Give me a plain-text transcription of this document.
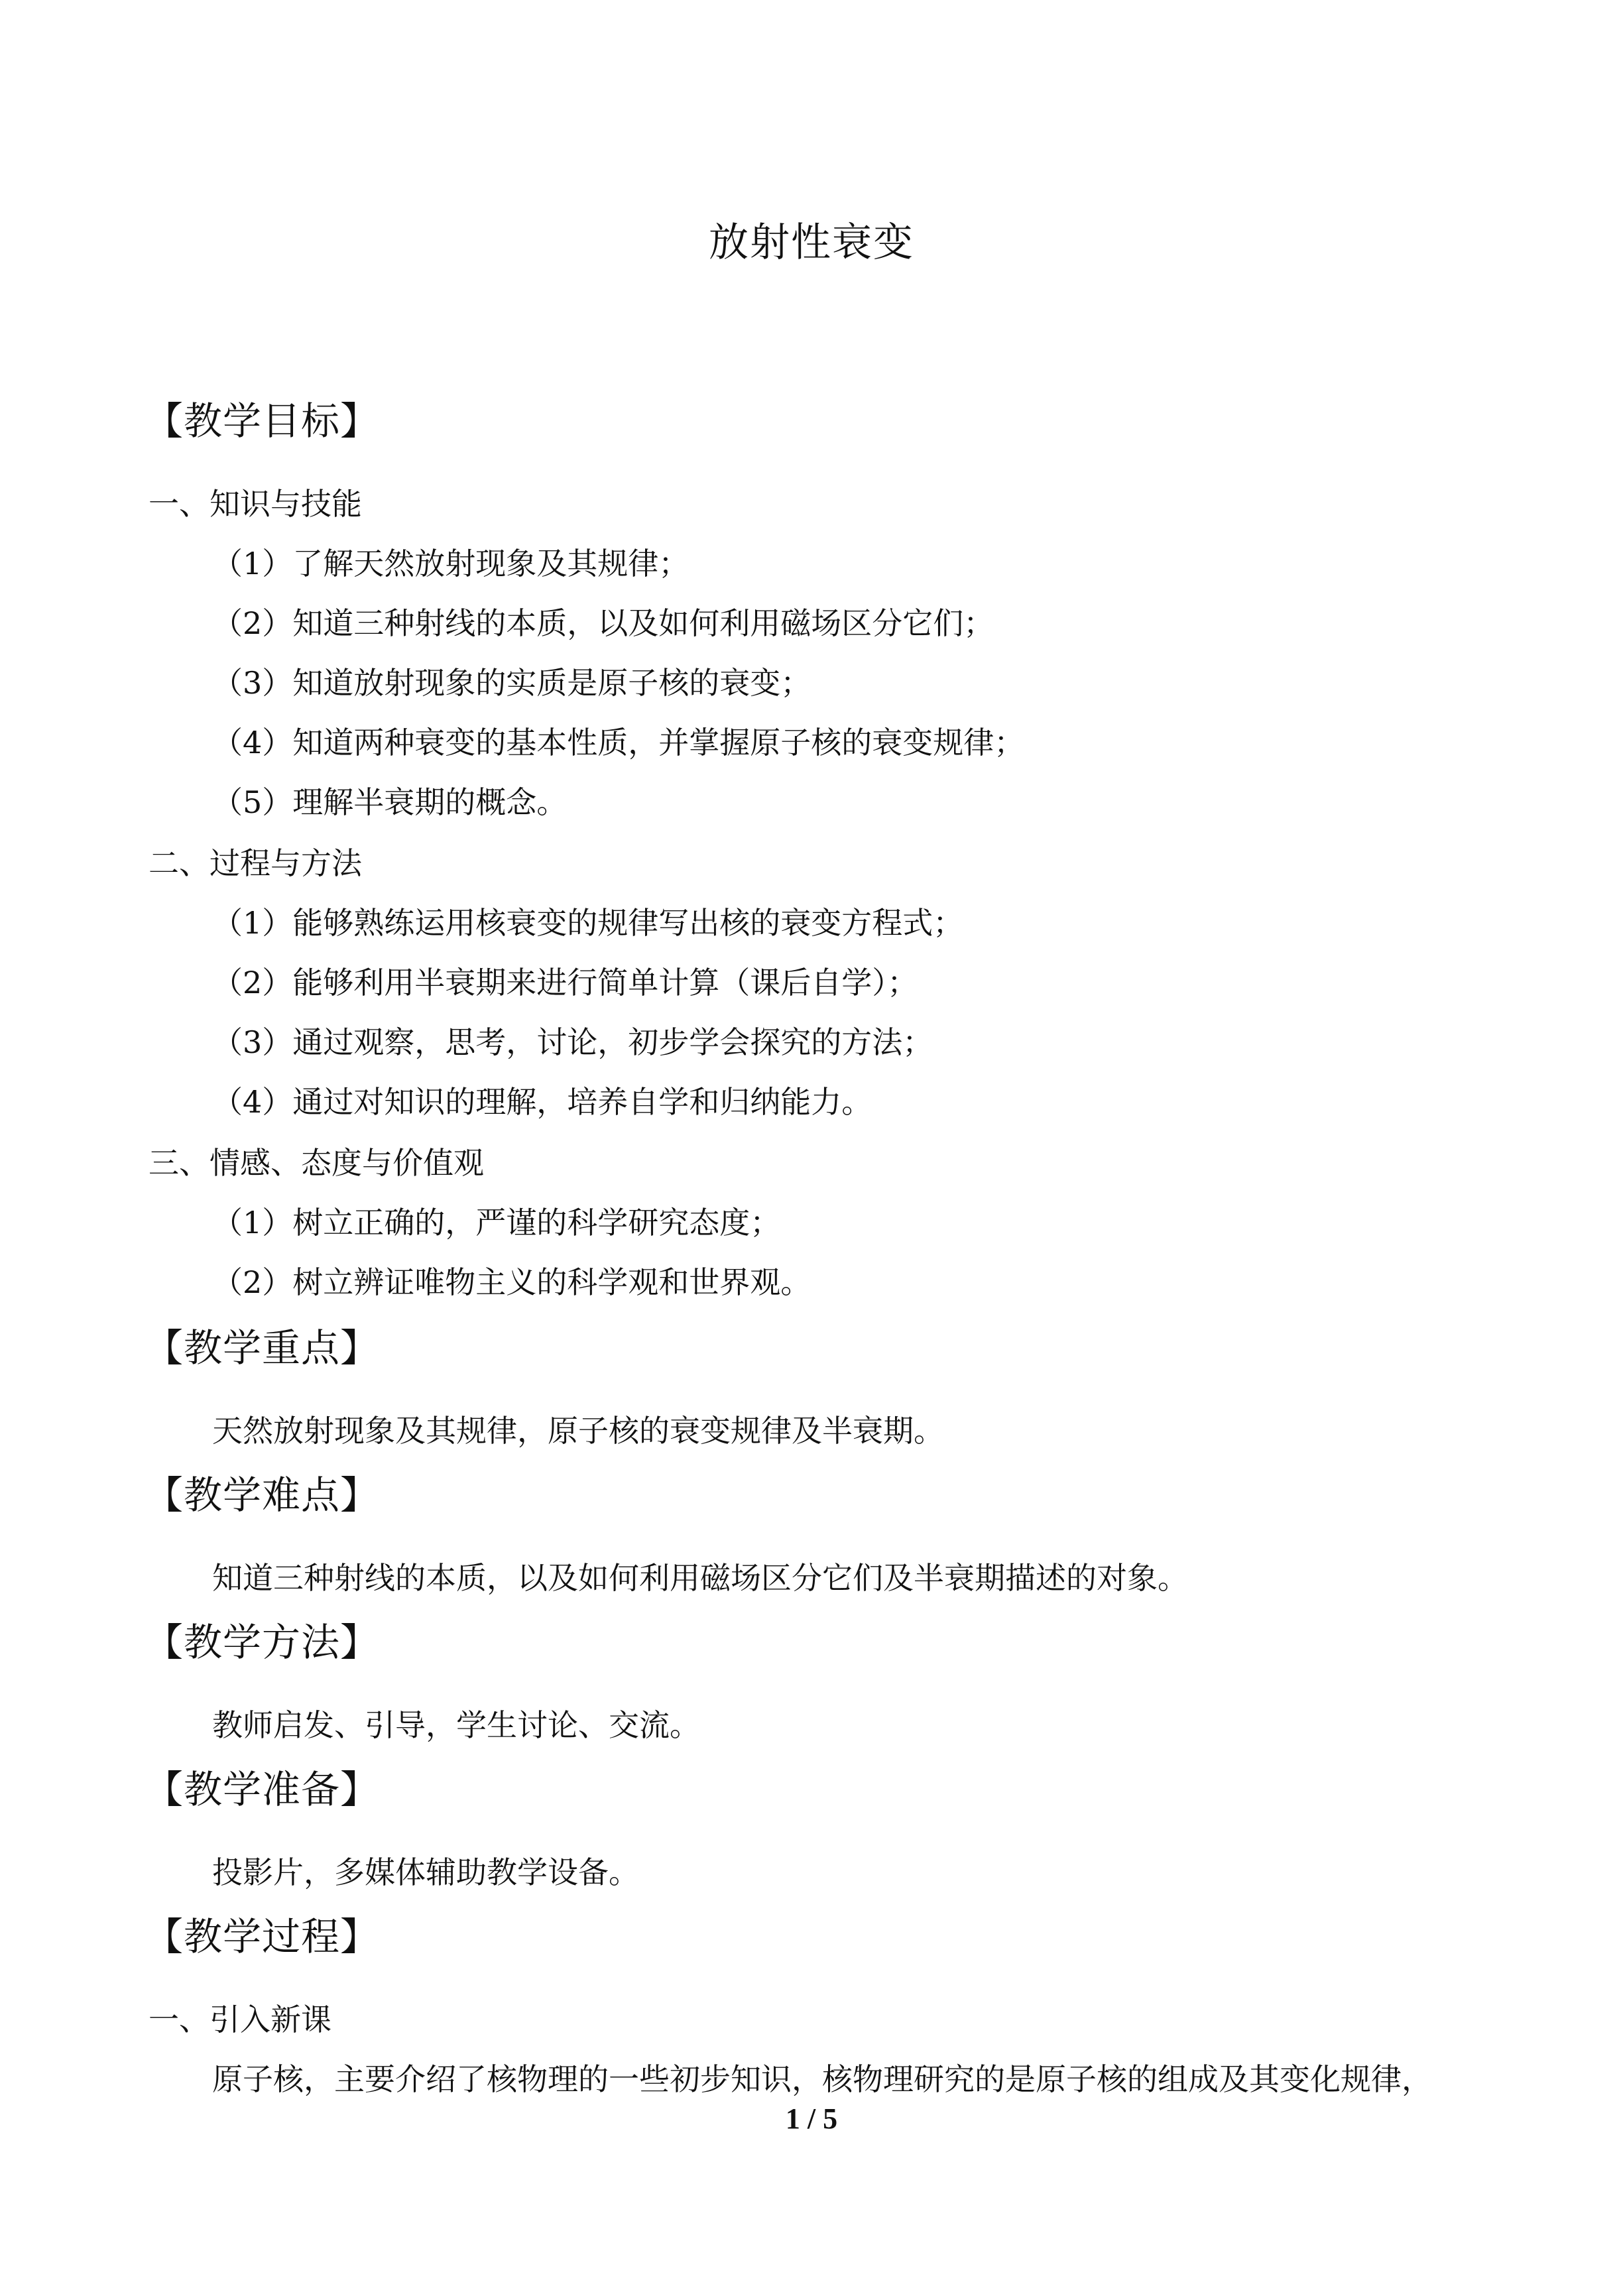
放射性衰变
【教学目标】
一、知识与技能
（1）了解天然放射现象及其规律；
（2）知道三种射线的本质，以及如何利用磁场区分它们；
（3）知道放射现象的实质是原子核的衰变；
（4）知道两种衰变的基本性质，并掌握原子核的衰变规律；
（5）理解半衰期的概念。
二、过程与方法
（1）能够熟练运用核衰变的规律写出核的衰变方程式；
（2）能够利用半衰期来进行简单计算（课后自学）；
（3）通过观察，思考，讨论，初步学会探究的方法；
（4）通过对知识的理解，培养自学和归纳能力。
三、情感、态度与价值观
（1）树立正确的，严谨的科学研究态度；
（2）树立辨证唯物主义的科学观和世界观。
【教学重点】
天然放射现象及其规律，原子核的衰变规律及半衰期。
【教学难点】
知道三种射线的本质，以及如何利用磁场区分它们及半衰期描述的对象。
【教学方法】
教师启发、引导，学生讨论、交流。
【教学准备】
投影片，多媒体辅助教学设备。
【教学过程】
一、引入新课
原子核，主要介绍了核物理的一些初步知识，核物理研究的是原子核的组成及其变化规律，
1 / 5
